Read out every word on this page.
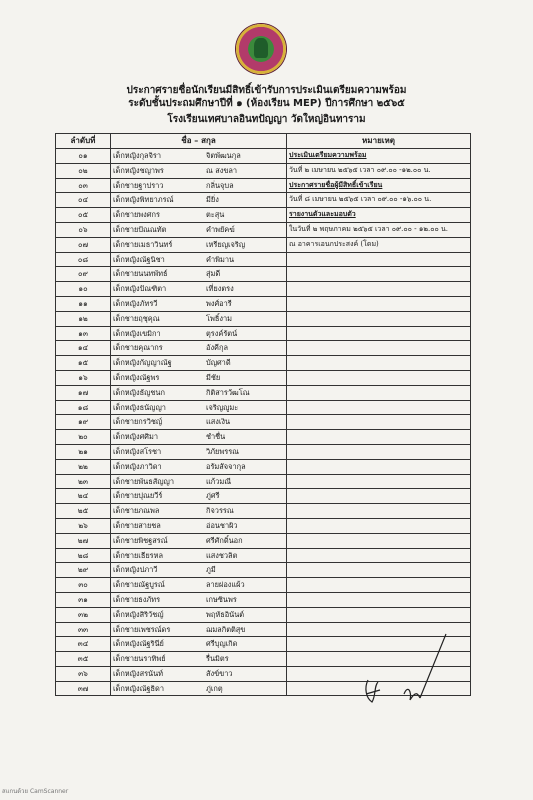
ประกาศรายชื่อนักเรียนมีสิทธิ์เข้ารับการประเมินเตรียมความพร้อม
ระดับชั้นประถมศึกษาปีที่ ๑ (ห้องเรียน MEP) ปีการศึกษา ๒๕๖๕
โรงเรียนเทศบาลอินทปัญญา วัดใหญ่อินทาราม
ลำดับที่	ชื่อ – สกุล	หมายเหตุ
๐๑	เด็กหญิงกุลจิรา จิตพัฒนกุล	ประเมินเตรียมความพร้อม
๐๒	เด็กหญิงชญาพร ณ สงขลา	วันที่ ๒ เมษายน ๒๕๖๕ เวลา ๐๙.๐๐ -๑๒.๐๐ น.
๐๓	เด็กชายฐาปราว กลิ่นจุบล	ประกาศรายชื่อผู้มีสิทธิ์เข้าเรียน
๐๔	เด็กหญิงพิทยาภรณ์ มียิ่ง	วันที่ ๘ เมษายน ๒๕๖๕ เวลา ๐๙.๐๐ -๑๖.๐๐ น.
๐๕	เด็กชายพงศกร ตะสุน	รายงานตัวและมอบตัว
๐๖	เด็กชายปัณณทัต คำพยัคฆ์	ในวันที่ ๒ พฤษภาคม ๒๕๖๕ เวลา ๐๙.๐๐ - ๑๒.๐๐ น.
๐๗	เด็กชายเมธาวินทร์ เหรียญเจริญ	ณ อาคารเอนกประสงค์ (โดม)
๐๘	เด็กหญิงณัฐนิชา คำพิมาน	
๐๙	เด็กชายนนทพัทธ์ สุ่มดี	
๑๐	เด็กหญิงปัณฑิตา เที่ยงตรง	
๑๑	เด็กหญิงภัทรวี พงศ์อารี	
๑๒	เด็กชายฤชุคุณ โพธิ์งาม	
๑๓	เด็กหญิงเขมิกา ตุรงค์รัตน์	
๑๔	เด็กชายคุณากร อังคีกุล	
๑๕	เด็กหญิงกัญญาณัฐ บัญศาดี	
๑๖	เด็กหญิงณัฐพร มีชัย	
๑๗	เด็กหญิงธัญชนก กิติสารวัฒโณ	
๑๘	เด็กหญิงธนัญญา เจริญญูมะ	
๑๙	เด็กชายกรวิชญ์ แสงเงิน	
๒๐	เด็กหญิงศศิมา ชำชื่น	
๒๑	เด็กหญิงสโรชา วิภัยพรรณ	
๒๒	เด็กหญิงภาวิดา อรัมสัจจากุล	
๒๓	เด็กชายพันธสัญญา แก้วมณี	
๒๔	เด็กชายปุณยวีร์ ภู่ศรี	
๒๕	เด็กชายภณพล กิจวรรณ	
๒๖	เด็กชายสายชล อ่อนชาผิว	
๒๗	เด็กชายพิชฐสรณ์ ศรีศักดิ์นอก	
๒๘	เด็กชายเธียรหล แสงชวลิต	
๒๙	เด็กหญิงปภาวี ภูมี	
๓๐	เด็กชายณัฐบูรณ์ ลายผ่องแผ้ว	
๓๑	เด็กชายธงภัทร เกษซินพร	
๓๒	เด็กหญิงสิริวัชญ์ พฤหัธอินันต์	
๓๓	เด็กชายเพชรณ์ดร ฌมลกิตติสุข	
๓๔	เด็กหญิงณัฐรินีย์ ศรีบุญเกิด	
๓๕	เด็กชายนราทิพย์ รื่นมิตร	
๓๖	เด็กหญิงสรนันท์ สังข์ขาว	
๓๗	เด็กหญิงณัฐธิดา ภู่เกตุ	
สแกนด้วย CamScanner
